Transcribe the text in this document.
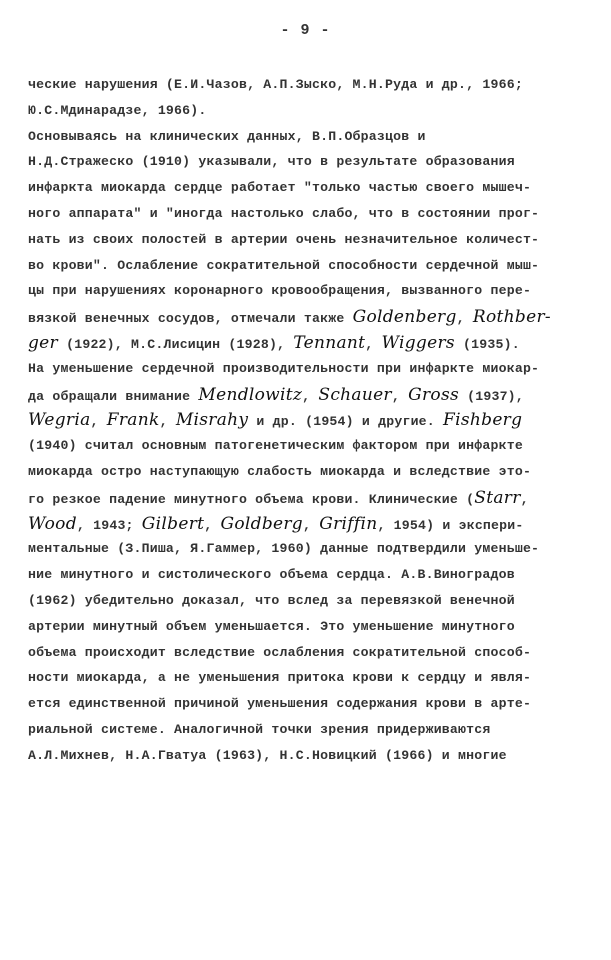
- 9 -
ческие нарушения (Е.И.Чазов, А.П.Зыско, М.Н.Руда и др., 1966;
Ю.С.Мдинарадзе, 1966).
Основываясь на клинических данных, В.П.Образцов и
Н.Д.Стражеско (1910) указывали, что в результате образования
инфаркта миокарда сердце работает "только частью своего мышеч-
ного аппарата" и "иногда настолько слабо, что в состоянии прог-
нать из своих полостей в артерии очень незначительное количест-
во крови". Ослабление сократительной способности сердечной мыш-
цы при нарушениях коронарного кровообращения, вызванного пере-
вязкой венечных сосудов, отмечали также Goldenberg, Rothber-
ger (1922), М.С.Лисицин (1928), Tennant, Wiggers (1935).
На уменьшение сердечной производительности при инфаркте миокар-
да обращали внимание Mendlowitz, Schauer, Gross (1937),
Wegria, Frank, Misrahy и др. (1954) и другие. Fishberg
(1940) считал основным патогенетическим фактором при инфаркте
миокарда остро наступающую слабость миокарда и вследствие это-
го резкое падение минутного объема крови. Клинические (Starr,
Wood, 1943; Gilbert, Goldberg, Griffin, 1954) и экспери-
ментальные (З.Пиша, Я.Гаммер, 1960) данные подтвердили уменьше-
ние минутного и систолического объема сердца. А.В.Виноградов
(1962) убедительно доказал, что вслед за перевязкой венечной
артерии минутный объем уменьшается. Это уменьшение минутного
объема происходит вследствие ослабления сократительной способ-
ности миокарда, а не уменьшения притока крови к сердцу и явля-
ется единственной причиной уменьшения содержания крови в арте-
риальной системе. Аналогичной точки зрения придерживаются
А.Л.Михнев, Н.А.Гватуа (1963), Н.С.Новицкий (1966) и многие
